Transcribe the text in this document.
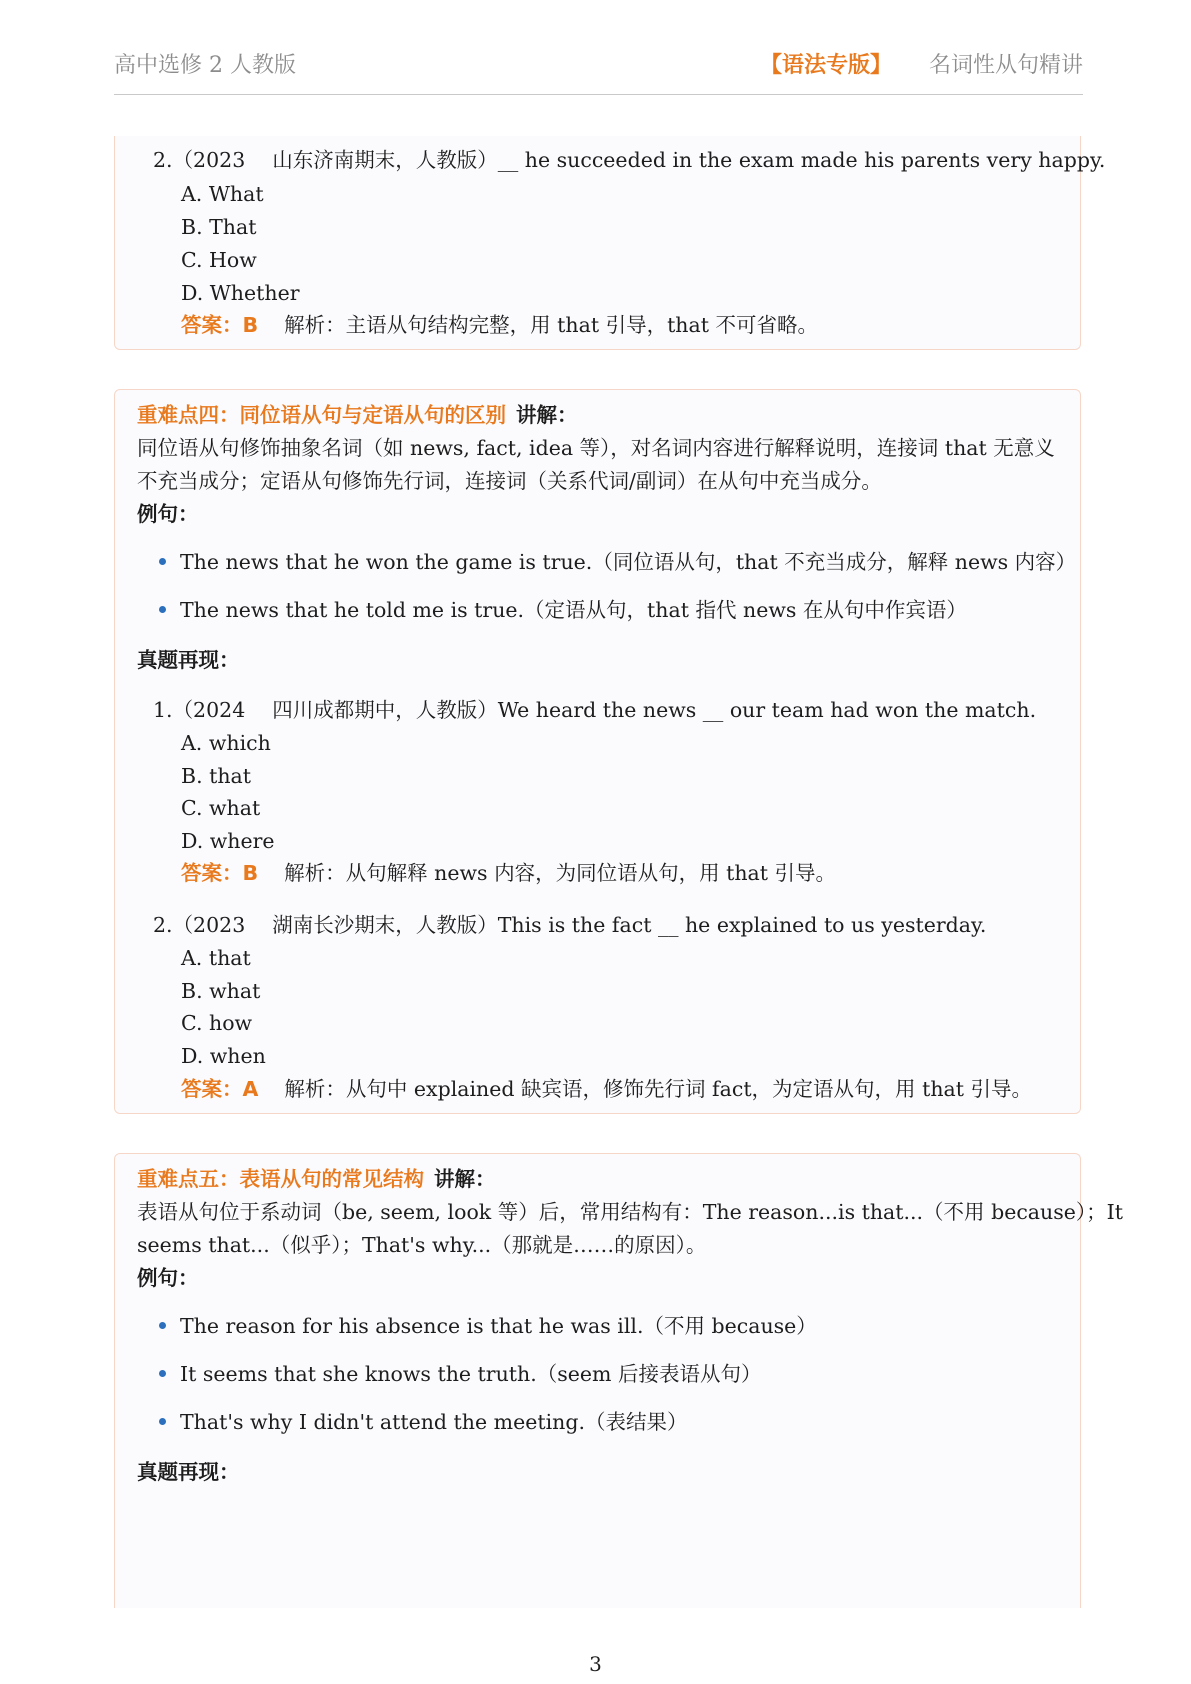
高中选修 2 人教版	【语法专版】 名词性从句精讲
2.（2023　 山东济南期末，人教版）__ he succeeded in the exam made his parents very happy.
A. What
B. That
C. How
D. Whether
答案：B 解析：主语从句结构完整，用 that 引导，that 不可省略。
重难点四：同位语从句与定语从句的区别 讲解：
同位语从句修饰抽象名词（如 news, fact, idea 等），对名词内容进行解释说明，连接词 that 无意义
不充当成分；定语从句修饰先行词，连接词（关系代词/副词）在从句中充当成分。
例句：
The news that he won the game is true.（同位语从句，that 不充当成分，解释 news 内容）
The news that he told me is true.（定语从句，that 指代 news 在从句中作宾语）
真题再现：
1.（2024　 四川成都期中，人教版）We heard the news __ our team had won the match.
A. which
B. that
C. what
D. where
答案：B 解析：从句解释 news 内容，为同位语从句，用 that 引导。
2.（2023　 湖南长沙期末，人教版）This is the fact __ he explained to us yesterday.
A. that
B. what
C. how
D. when
答案：A 解析：从句中 explained 缺宾语，修饰先行词 fact，为定语从句，用 that 引导。
重难点五：表语从句的常见结构 讲解：
表语从句位于系动词（be, seem, look 等）后，常用结构有：The reason...is that...（不用 because）；It
seems that...（似乎）；That's why...（那就是……的原因）。
例句：
The reason for his absence is that he was ill.（不用 because）
It seems that she knows the truth.（seem 后接表语从句）
That's why I didn't attend the meeting.（表结果）
真题再现：
3
